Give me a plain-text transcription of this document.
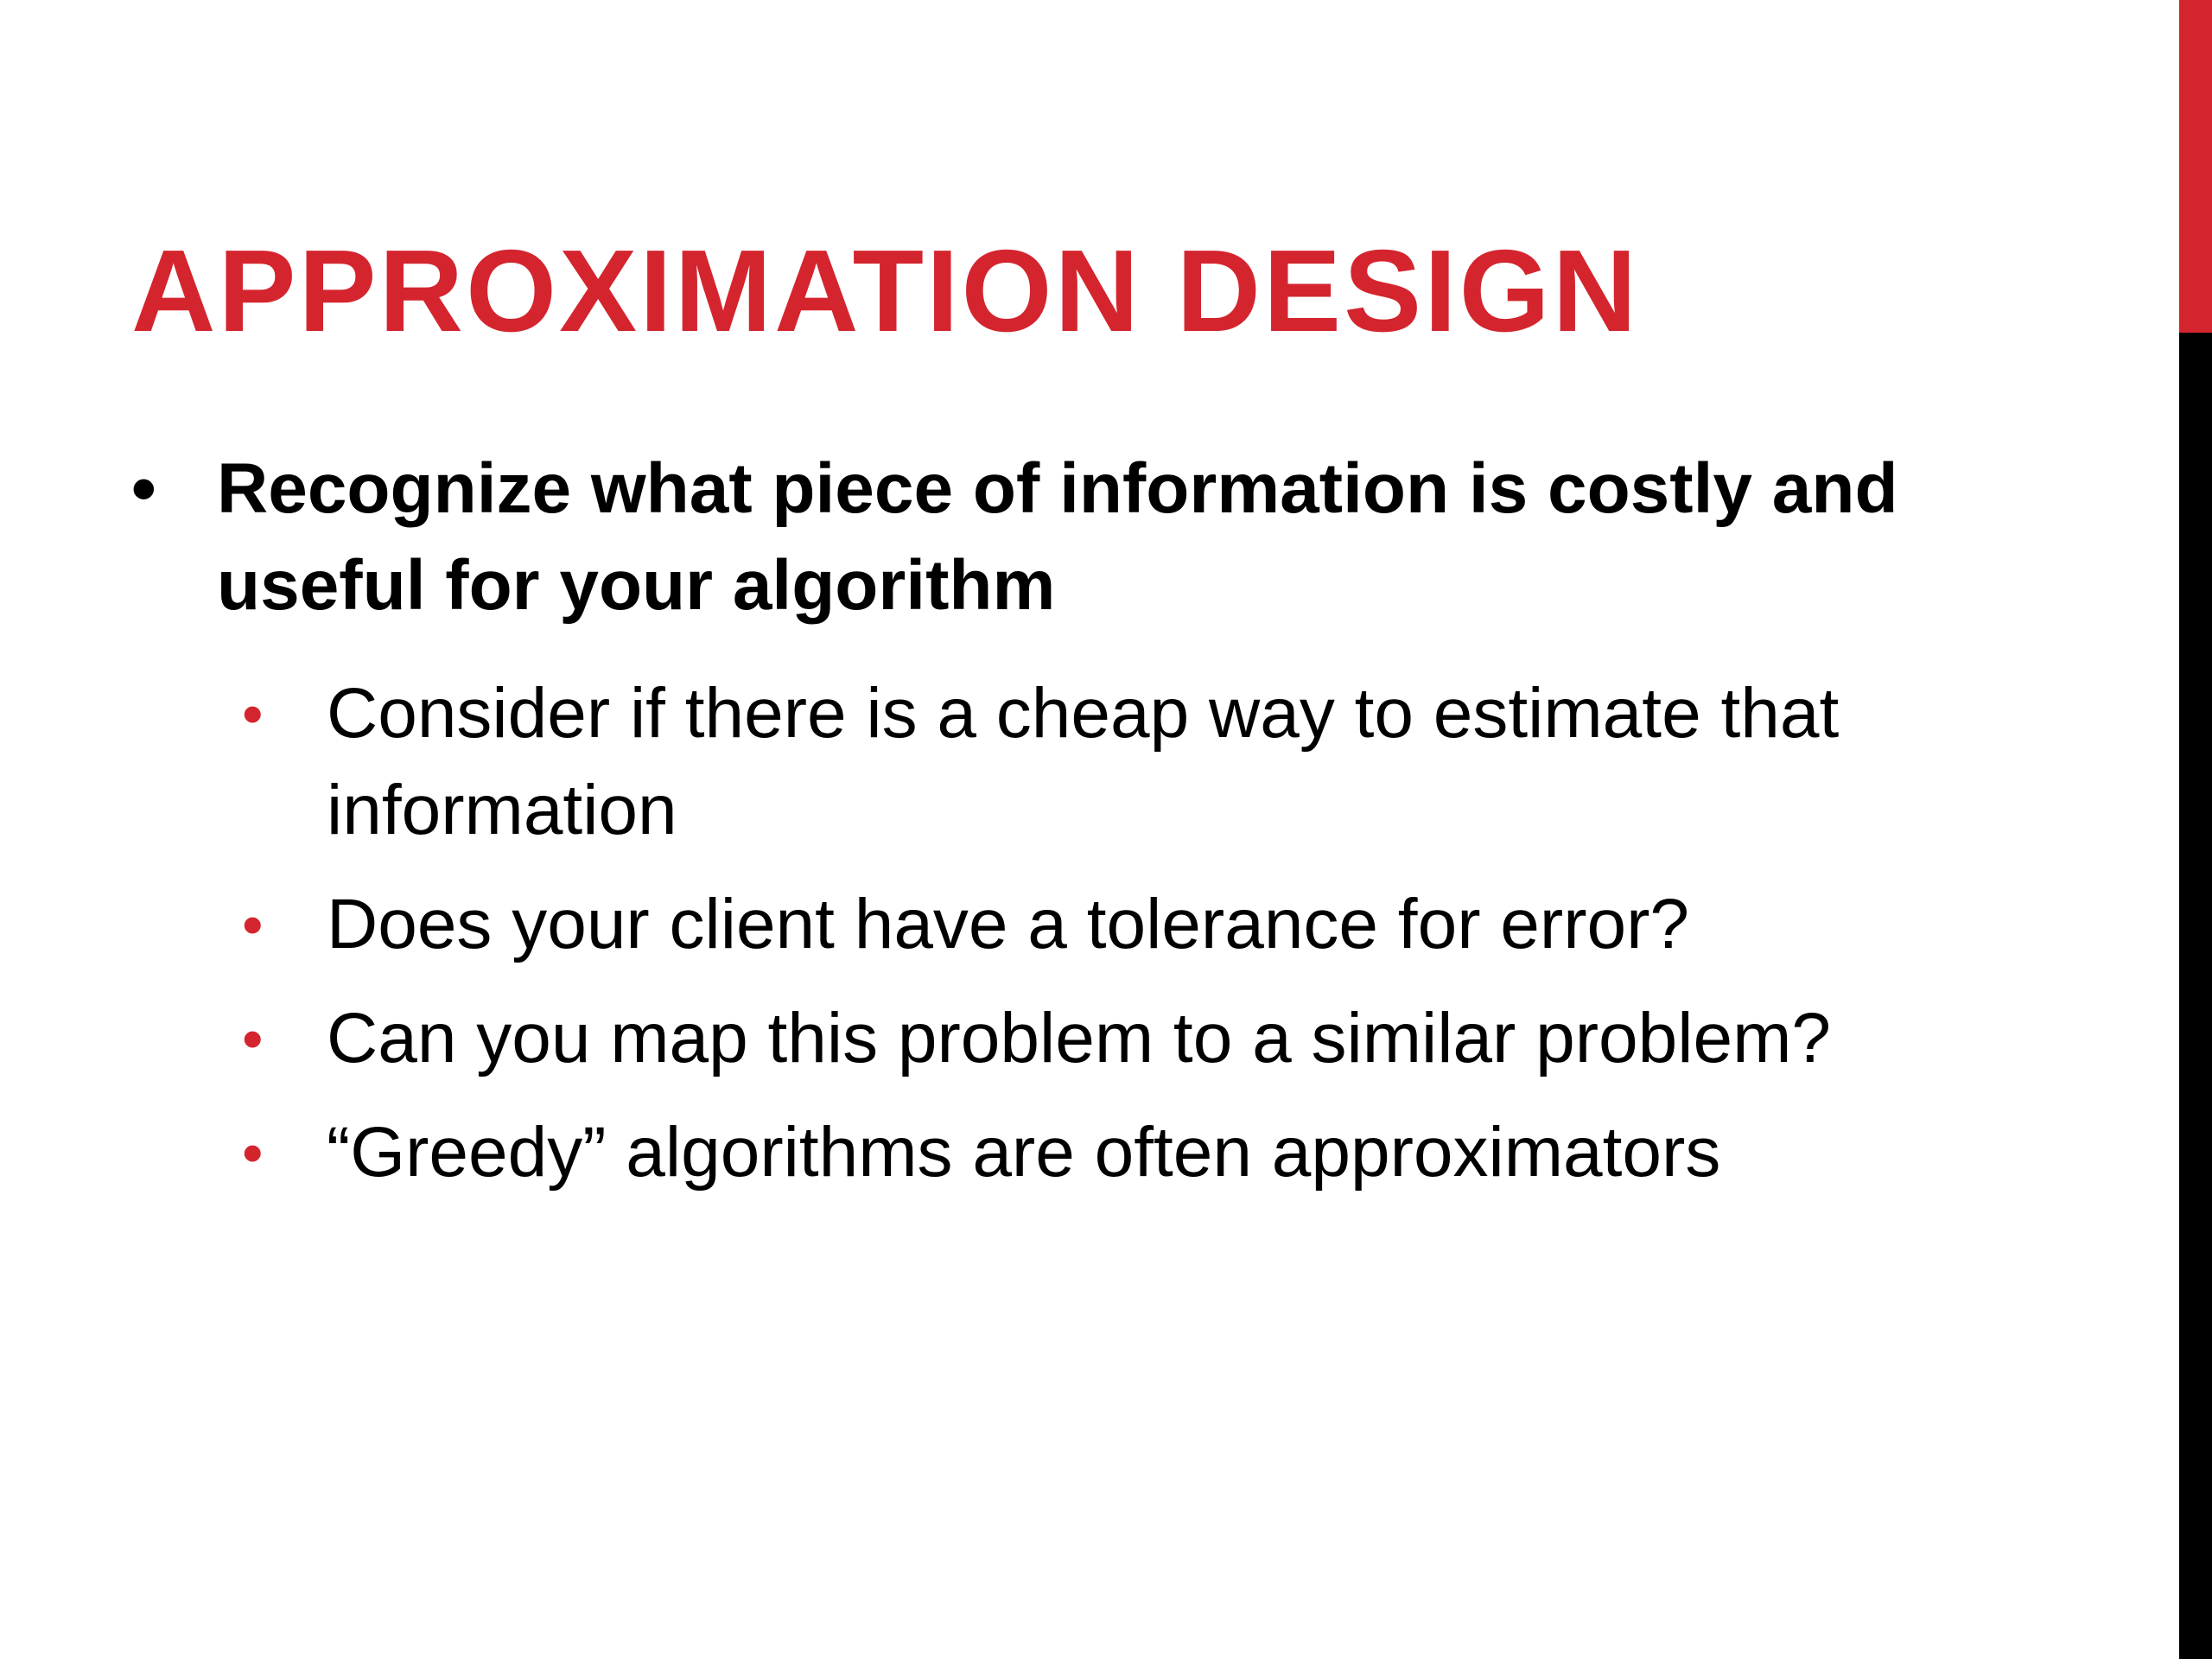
APPROXIMATION DESIGN
• Recognize what piece of information is costly and useful for your algorithm
• Consider if there is a cheap way to estimate that information
• Does your client have a tolerance for error?
• Can you map this problem to a similar problem?
• “Greedy” algorithms are often approximators
